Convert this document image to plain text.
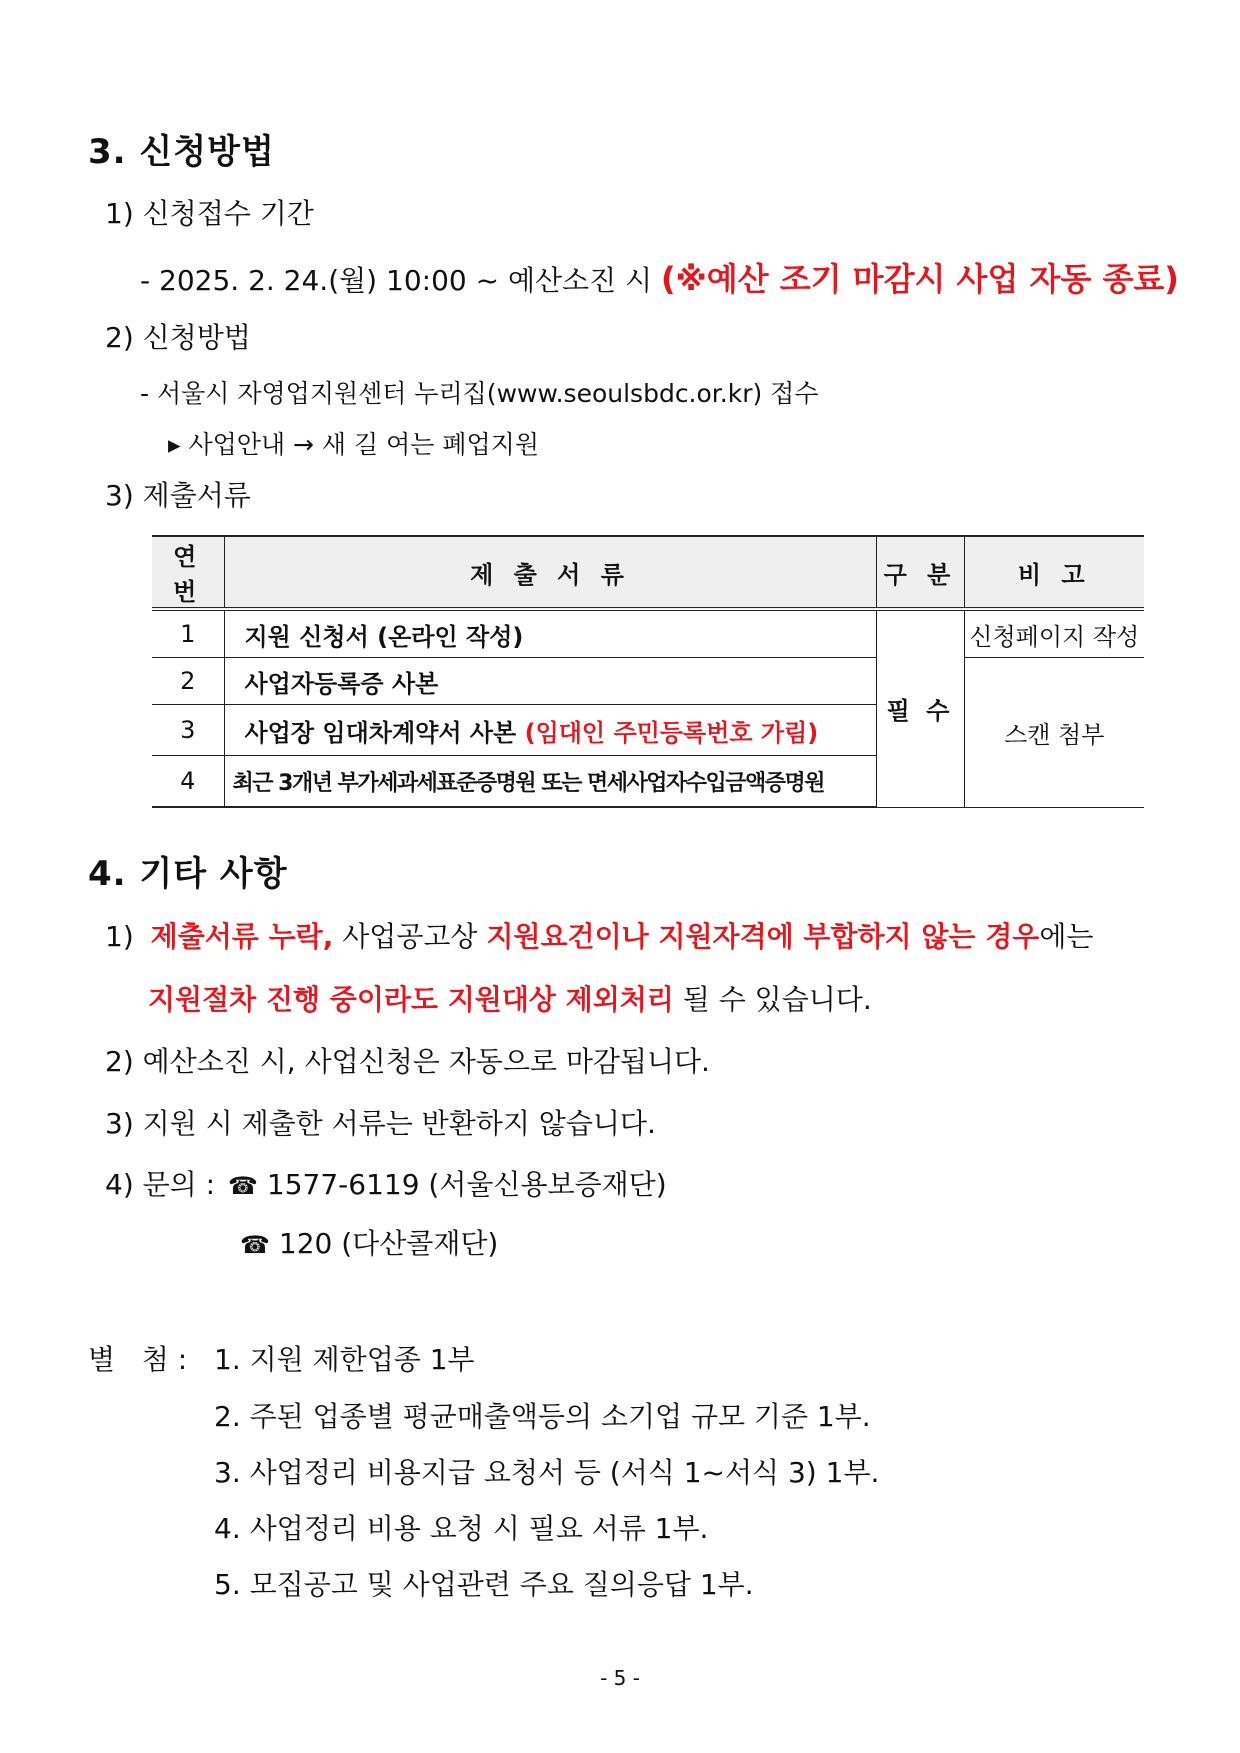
3. 신청방법
1) 신청접수 기간
- 2025. 2. 24.(월) 10:00 ~ 예산소진 시 (※예산 조기 마감시 사업 자동 종료)
2) 신청방법
- 서울시 자영업지원센터 누리집(www.seoulsbdc.or.kr) 접수
▸ 사업안내 → 새 길 여는 폐업지원
3) 제출서류
연 번	제 출 서 류	구 분	비 고
1	지원 신청서 (온라인 작성)	필 수	신청페이지 작성
2	사업자등록증 사본		스캔 첨부
3	사업장 임대차계약서 사본 (임대인 주민등록번호 가림)		
4	최근 3개년 부가세과세표준증명원 또는 면세사업자수입금액증명원		
4. 기타 사항
1) 제출서류 누락, 사업공고상 지원요건이나 지원자격에 부합하지 않는 경우에는
지원절차 진행 중이라도 지원대상 제외처리 될 수 있습니다.
2) 예산소진 시, 사업신청은 자동으로 마감됩니다.
3) 지원 시 제출한 서류는 반환하지 않습니다.
4) 문의 : ☎ 1577-6119 (서울신용보증재단)
☎ 120 (다산콜재단)
별   첨 : 1. 지원 제한업종 1부
2. 주된 업종별 평균매출액등의 소기업 규모 기준 1부.
3. 사업정리 비용지급 요청서 등 (서식 1~서식 3) 1부.
4. 사업정리 비용 요청 시 필요 서류 1부.
5. 모집공고 및 사업관련 주요 질의응답 1부.
- 5 -
